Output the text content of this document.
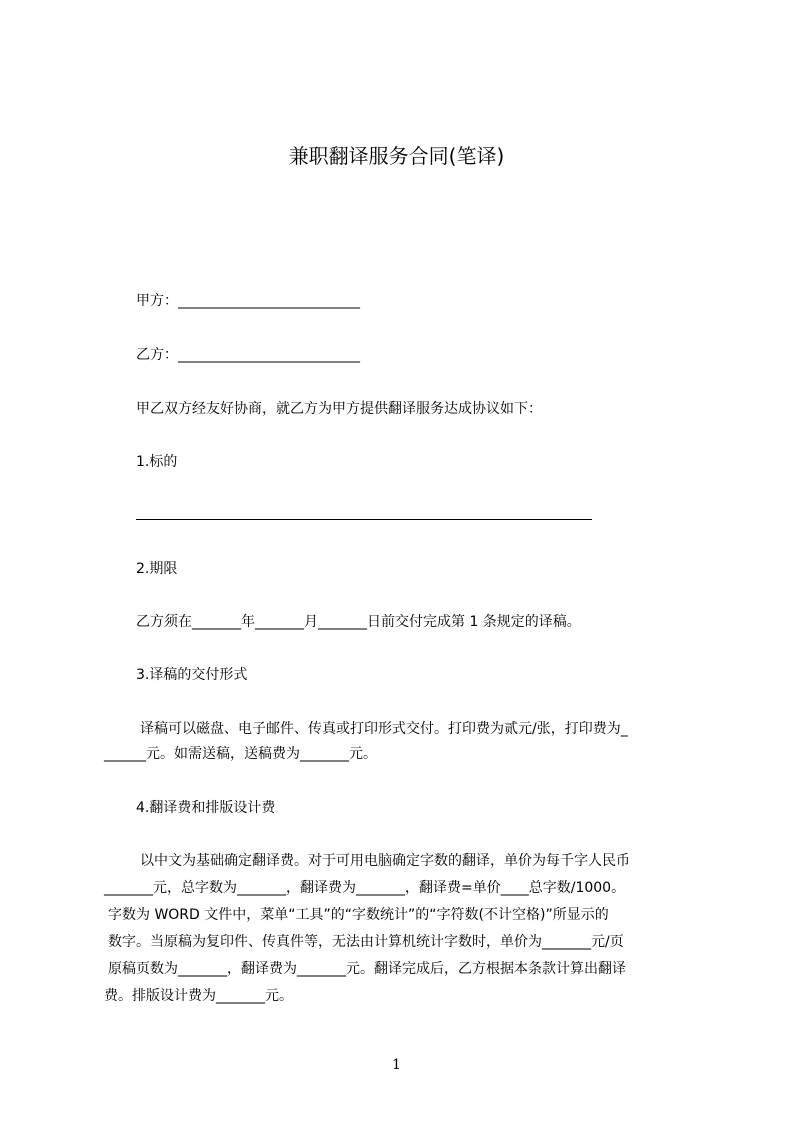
兼职翻译服务合同(笔译)

甲方：__________________________

乙方：__________________________

甲乙双方经友好协商，就乙方为甲方提供翻译服务达成协议如下：

1.标的

2.期限

乙方须在_______年_______月_______日前交付完成第 1 条规定的译稿。

3.译稿的交付形式

译稿可以磁盘、电子邮件、传真或打印形式交付。打印费为贰元/张，打印费为_

______元。如需送稿，送稿费为_______元。

4.翻译费和排版设计费

以中文为基础确定翻译费。对于可用电脑确定字数的翻译，单价为每千字人民币

_______元，总字数为_______，翻译费为_______，翻译费=单价____总字数/1000。

字数为 WORD 文件中，菜单“工具”的“字数统计”的“字符数(不计空格)”所显示的

数字。当原稿为复印件、传真件等，无法由计算机统计字数时，单价为_______元/页

原稿页数为_______，翻译费为_______元。翻译完成后，乙方根据本条款计算出翻译

费。排版设计费为_______元。

1
